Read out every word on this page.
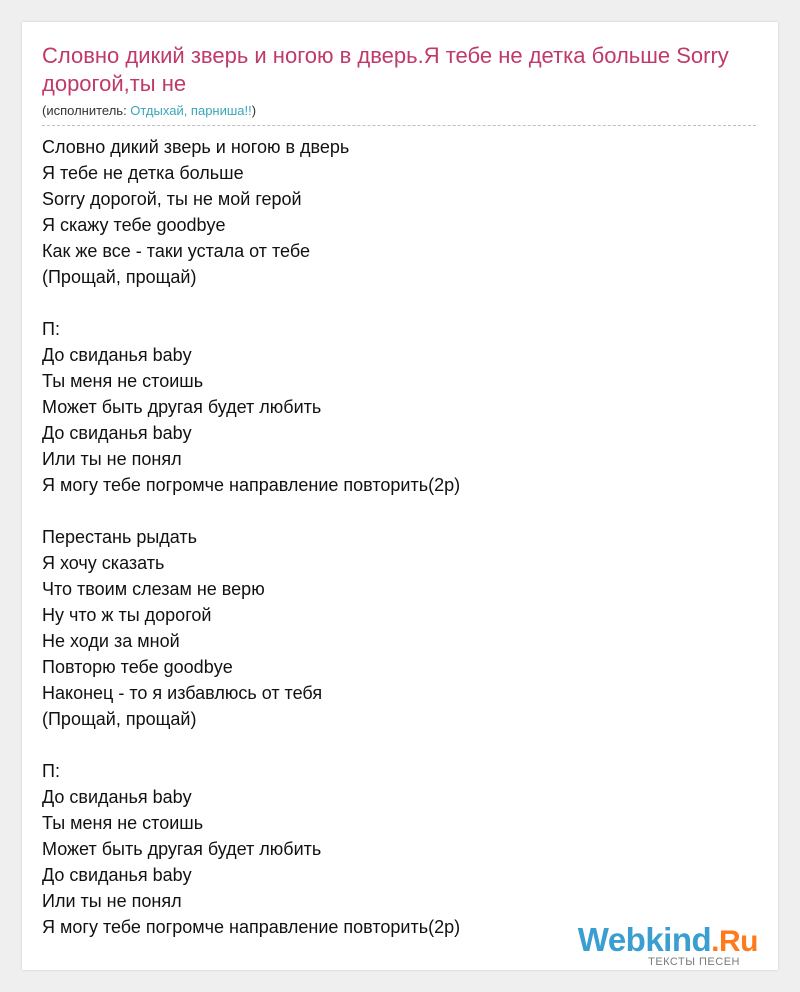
Словно дикий зверь и ногою в дверь.Я тебе не детка больше Sorry дорогой,ты не
(исполнитель: Отдыхай, парниша!!)
Словно дикий зверь и ногою в дверь
Я тебе не детка больше
Sorry дорогой, ты не мой герой
Я скажу тебе goodbye
Как же все - таки устала от тебе
(Прощай, прощай)
П:
До свиданья baby
Ты меня не стоишь
Может быть другая будет любить
До свиданья baby
Или ты не понял
Я могу тебе погромче направление повторить(2р)
Перестань рыдать
Я хочу сказать
Что твоим слезам не верю
Ну что ж ты дорогой
Не ходи за мной
Повторю тебе goodbye
Наконец - то я избавлюсь от тебя
(Прощай, прощай)
П:
До свиданья baby
Ты меня не стоишь
Может быть другая будет любить
До свиданья baby
Или ты не понял
Я могу тебе погромче направление повторить(2р)	Webkind.Ru
ТЕКСТЫ ПЕСЕН
